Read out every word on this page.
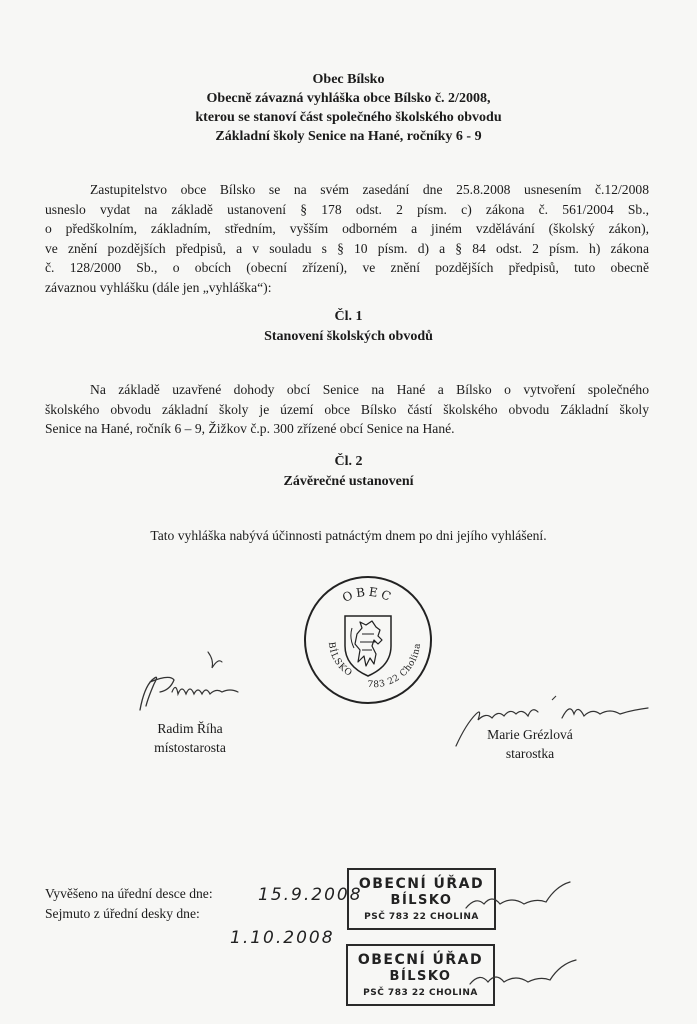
Obec Bílsko
Obecně závazná vyhláška obce Bílsko č. 2/2008,
kterou se stanoví část společného školského obvodu
Základní školy Senice na Hané, ročníky 6 - 9
Zastupitelstvo obce Bílsko se na svém zasedání dne 25.8.2008 usnesením č.12/2008
usneslo vydat na základě ustanovení § 178 odst. 2 písm. c) zákona č. 561/2004 Sb.,
o předškolním, základním, středním, vyšším odborném a jiném vzdělávání (školský zákon),
ve znění pozdějších předpisů, a v souladu s § 10 písm. d) a § 84 odst. 2 písm. h) zákona
č. 128/2000 Sb., o obcích (obecní zřízení), ve znění pozdějších předpisů, tuto obecně
závaznou vyhlášku (dále jen „vyhláška“):
Čl. 1
Stanovení školských obvodů
Na základě uzavřené dohody obcí Senice na Hané a Bílsko o vytvoření společného
školského obvodu základní školy je území obce Bílsko částí školského obvodu Základní školy
Senice na Hané, ročník 6 – 9, Žižkov č.p. 300 zřízené obcí Senice na Hané.
Čl. 2
Závěrečné ustanovení
Tato vyhláška nabývá účinnosti patnáctým dnem po dni jejího vyhlášení.
OBEC
BÍLSKO
783 22 Cholina
Radim Říha
místostarosta
Marie Grézlová
starostka
Vyvěšeno na úřední desce dne:
Sejmuto z úřední desky dne:
15.9.2008
1.10.2008
OBECNÍ ÚŘAD
BÍLSKO
PSČ 783 22 CHOLINA
OBECNÍ ÚŘAD
BÍLSKO
PSČ 783 22 CHOLINA
